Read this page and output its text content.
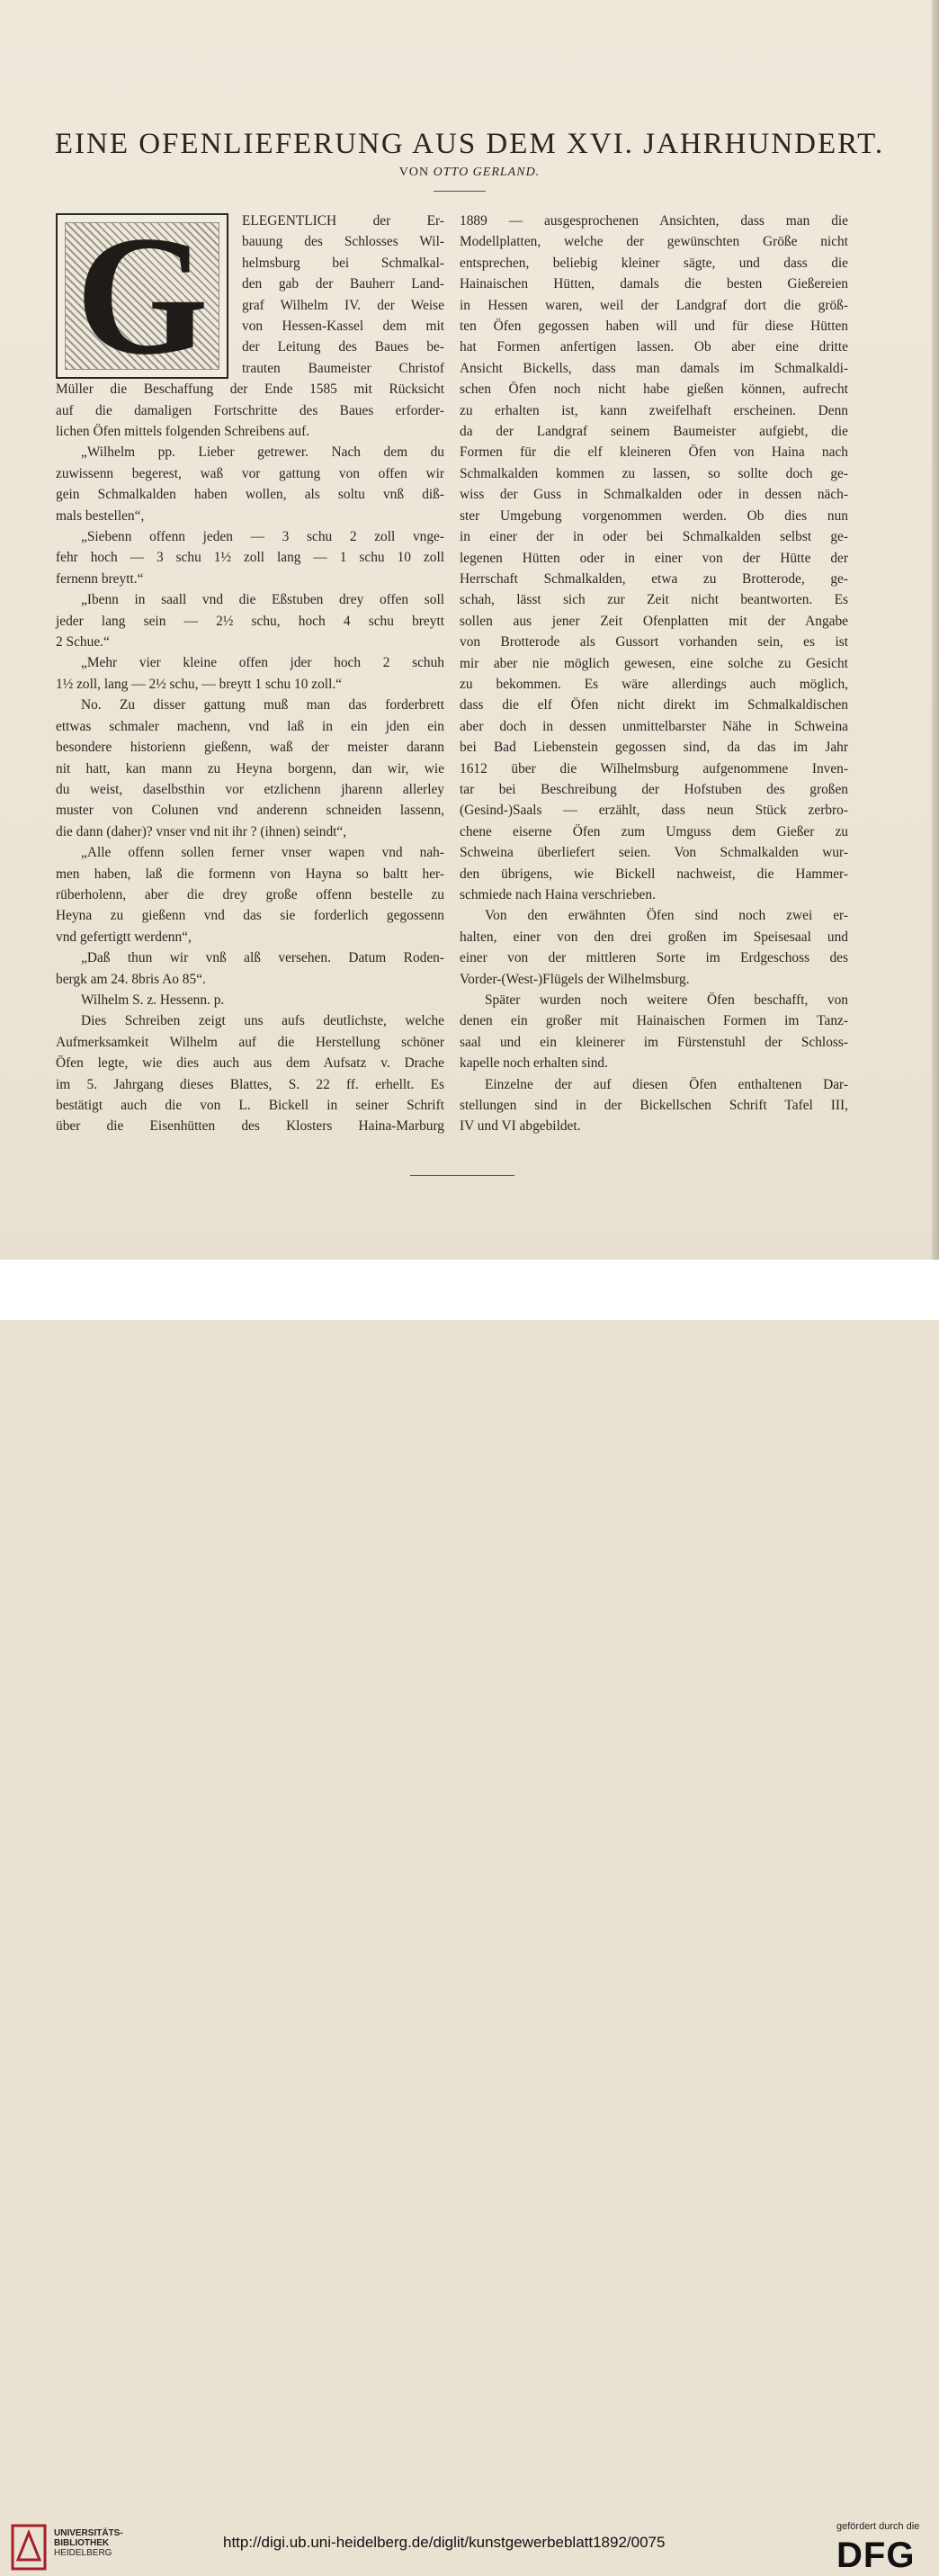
EINE OFENLIEFERUNG AUS DEM XVI. JAHRHUNDERT.
VON OTTO GERLAND.
G	ELEGENTLICH der Er-
bauung des Schlosses Wil-
helmsburg bei Schmalkal-
den gab der Bauherr Land-
graf Wilhelm IV. der Weise
von Hessen-Kassel dem mit
der Leitung des Baues be-
trauten Baumeister Christof
Müller die Beschaffung der Ende 1585 mit Rücksicht
auf die damaligen Fortschritte des Baues erforder-
lichen Öfen mittels folgenden Schreibens auf.
„Wilhelm pp. Lieber getrewer. Nach dem du
zuwissenn begerest, waß vor gattung von offen wir
gein Schmalkalden haben wollen, als soltu vnß diß-
mals bestellen“,
„Siebenn offenn jeden — 3 schu 2 zoll vnge-
fehr hoch — 3 schu 1½ zoll lang — 1 schu 10 zoll
fernenn breytt.“
„Ibenn in saall vnd die Eßstuben drey offen soll
jeder lang sein — 2½ schu, hoch 4 schu breytt
2 Schue.“
„Mehr vier kleine offen jder hoch 2 schuh
1½ zoll, lang — 2½ schu, — breytt 1 schu 10 zoll.“
No. Zu disser gattung muß man das forderbrett
ettwas schmaler machenn, vnd laß in ein jden ein
besondere historienn gießenn, waß der meister darann
nit hatt, kan mann zu Heyna borgenn, dan wir, wie
du weist, daselbsthin vor etzlichenn jharenn allerley
muster von Colunen vnd anderenn schneiden lassenn,
die dann (daher)? vnser vnd nit ihr ? (ihnen) seindt“,
„Alle offenn sollen ferner vnser wapen vnd nah-
men haben, laß die formenn von Hayna so baltt her-
rüberholenn, aber die drey große offenn bestelle zu
Heyna zu gießenn vnd das sie forderlich gegossenn
vnd gefertigtt werdenn“,
„Daß thun wir vnß alß versehen. Datum Roden-
bergk am 24. 8bris Ao 85“.
Wilhelm S. z. Hessenn. p.
Dies Schreiben zeigt uns aufs deutlichste, welche
Aufmerksamkeit Wilhelm auf die Herstellung schöner
Öfen legte, wie dies auch aus dem Aufsatz v. Drache
im 5. Jahrgang dieses Blattes, S. 22 ff. erhellt. Es
bestätigt auch die von L. Bickell in seiner Schrift
über die Eisenhütten des Klosters Haina-Marburg
1889 — ausgesprochenen Ansichten, dass man die
Modellplatten, welche der gewünschten Größe nicht
entsprechen, beliebig kleiner sägte, und dass die
Hainaischen Hütten, damals die besten Gießereien
in Hessen waren, weil der Landgraf dort die größ-
ten Öfen gegossen haben will und für diese Hütten
hat Formen anfertigen lassen. Ob aber eine dritte
Ansicht Bickells, dass man damals im Schmalkaldi-
schen Öfen noch nicht habe gießen können, aufrecht
zu erhalten ist, kann zweifelhaft erscheinen. Denn
da der Landgraf seinem Baumeister aufgiebt, die
Formen für die elf kleineren Öfen von Haina nach
Schmalkalden kommen zu lassen, so sollte doch ge-
wiss der Guss in Schmalkalden oder in dessen näch-
ster Umgebung vorgenommen werden. Ob dies nun
in einer der in oder bei Schmalkalden selbst ge-
legenen Hütten oder in einer von der Hütte der
Herrschaft Schmalkalden, etwa zu Brotterode, ge-
schah, lässt sich zur Zeit nicht beantworten. Es
sollen aus jener Zeit Ofenplatten mit der Angabe
von Brotterode als Gussort vorhanden sein, es ist
mir aber nie möglich gewesen, eine solche zu Gesicht
zu bekommen. Es wäre allerdings auch möglich,
dass die elf Öfen nicht direkt im Schmalkaldischen
aber doch in dessen unmittelbarster Nähe in Schweina
bei Bad Liebenstein gegossen sind, da das im Jahr
1612 über die Wilhelmsburg aufgenommene Inven-
tar bei Beschreibung der Hofstuben des großen
(Gesind-)Saals — erzählt, dass neun Stück zerbro-
chene eiserne Öfen zum Umguss dem Gießer zu
Schweina überliefert seien. Von Schmalkalden wur-
den übrigens, wie Bickell nachweist, die Hammer-
schmiede nach Haina verschrieben.
Von den erwähnten Öfen sind noch zwei er-
halten, einer von den drei großen im Speisesaal und
einer von der mittleren Sorte im Erdgeschoss des
Vorder-(West-)Flügels der Wilhelmsburg.
Später wurden noch weitere Öfen beschafft, von
denen ein großer mit Hainaischen Formen im Tanz-
saal und ein kleinerer im Fürstenstuhl der Schloss-
kapelle noch erhalten sind.
Einzelne der auf diesen Öfen enthaltenen Dar-
stellungen sind in der Bickellschen Schrift Tafel III,
IV und VI abgebildet.
UNIVERSITÄTS-
BIBLIOTHEK
HEIDELBERG
http://digi.ub.uni-heidelberg.de/diglit/kunstgewerbeblatt1892/0075
gefördert durch die
DFG
